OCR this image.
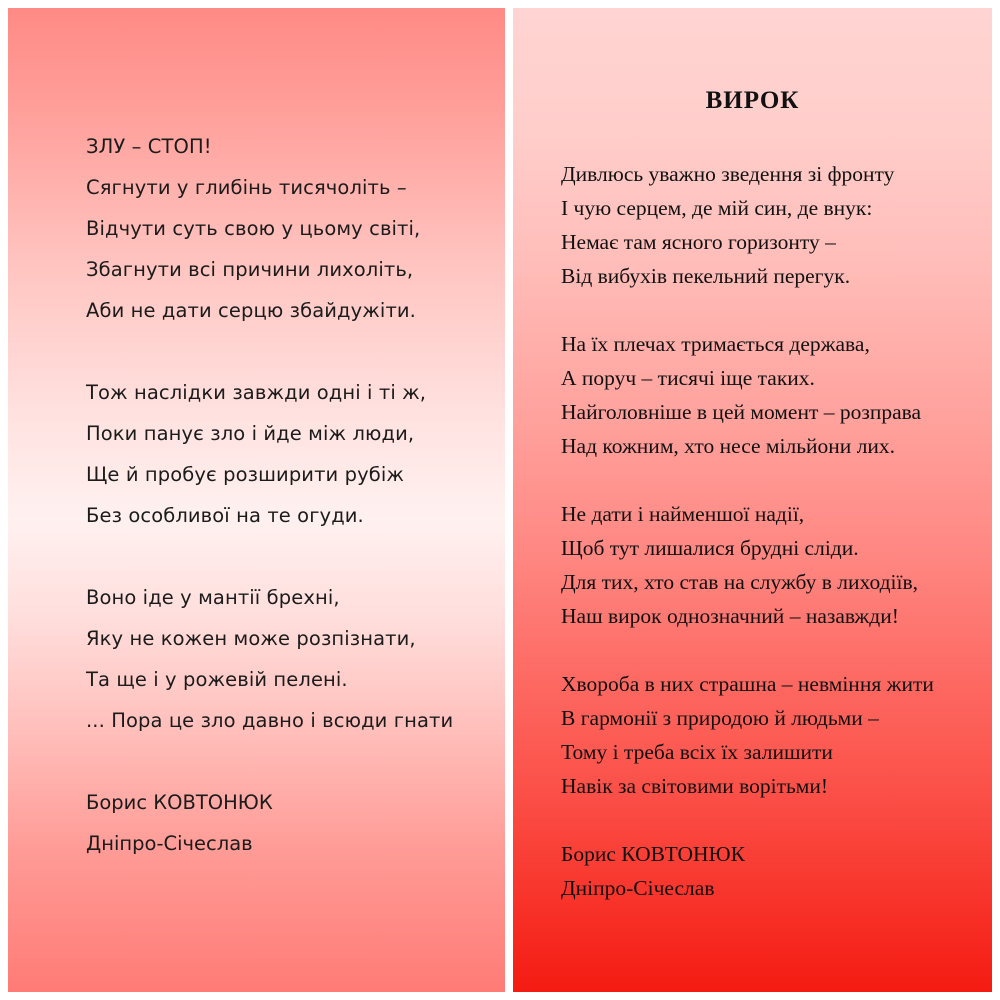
ЗЛУ – СТОП!
Сягнути у глибінь тисячоліть –
Відчути суть свою у цьому світі,
Збагнути всі причини лихоліть,
Аби не дати серцю збайдужіти.
Тож наслідки завжди одні і ті ж,
Поки панує зло і йде між люди,
Ще й пробує розширити рубіж
Без особливої на те огуди.
Воно іде у мантії брехні,
Яку не кожен може розпізнати,
Та ще і у рожевій пелені.
... Пора це зло давно і всюди гнати
Борис КОВТОНЮК
Дніпро-Січеслав
ВИРОК
Дивлюсь уважно зведення зі фронту
І чую серцем, де мій син, де внук:
Немає там ясного горизонту –
Від вибухів пекельний перегук.
На їх плечах тримається держава,
А поруч – тисячі іще таких.
Найголовніше в цей момент – розправа
Над кожним, хто несе мільйони лих.
Не дати і найменшої надії,
Щоб тут лишалися брудні сліди.
Для тих, хто став на службу в лиходіїв,
Наш вирок однозначний – назавжди!
Хвороба в них страшна – невміння жити
В гармонії з природою й людьми –
Тому і треба всіх їх залишити
Навік за світовими ворітьми!
Борис КОВТОНЮК
Дніпро-Січеслав
